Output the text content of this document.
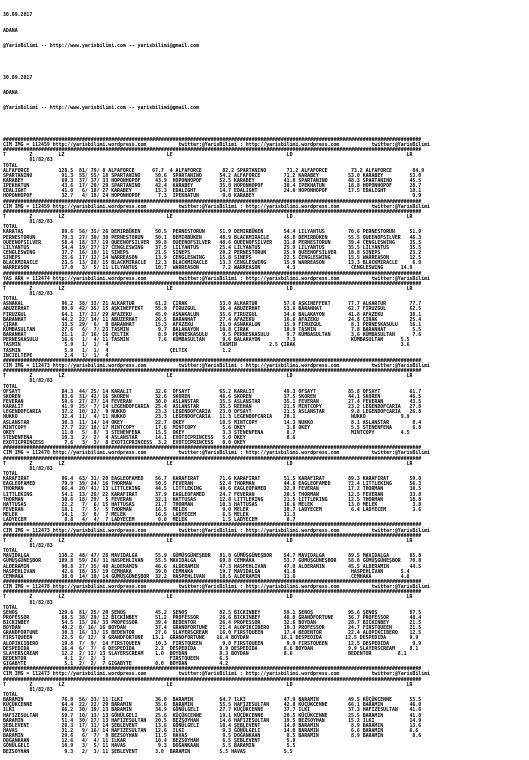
30.09.2017

ADANA

@YarisBilimi -- http://www.yarisbilimi.com -- yarisbilimi@gmail.com

30.09.2017

ADANA

@YarisBilimi -- http://www.yarisbilimi.com -- yarisbilimi@gmail.com

###############################################################################################################################################
CIM IMG = 112459 http://yarisbilimi.wordpress.com           twitter:@YarisBilimi : http://yarisbilimi.wordpress.com           twitter:@YarisBilimi
###############################################################################################################################################
T        Z         LZ                                   LE                                       LD                                       LR
81/82/83
TOTAL
ALFAFORCE          128.5  81/ 79/ 8 ALFAFORCE      67.7  4 ALFAFORCE       82.2 SPARTANINO       71.2 ALFAFORCE        73.2 ALFAFORCE       84.9
SPARTANINO          91.3  55/ 55/ 18 SPARTANINO     50.6  SPARTANINO      54.2 ALFAFORCE        71.2 KARABEY          53.0 KARABEY         53.0
KARABEY             69.3  37/ 37/ 33 HOPONHOPOF     43.9  HOPONHOPOF      52.5 KARABEY          41.8 SPARTANINO       48.3 SPARTANINO      45.5
IPEKHATUN           43.6  17/ 20/ 29 SPARTANINO     42.4  KARABEY         35.0 HOPONHOPOF       38.4 IPEKHATUN        18.8 HOPONHOPOF      28.7
EDALIGHT            41.0   6/ 18/ 27 KARABEY        15.3  EDALIGHT        14.7 EDALIGHT         24.0 HOPONHOPOF       17.5 EDALIGHT        10.1
HOPONHOPOF          32.7   4/ 18/ 24 HOPONHOPOF      7.3  IPEKHATUN        9.0 KARABEY                                                      9.9
###############################################################################################################################################
CIM IMG = 112459 http://yarisbilimi.wordpress.com           twitter:@YarisBilimi : http://yarisbilimi.wordpress.com           twitter:@YarisBilimi
###############################################################################################################################################
T        Z         LZ                                   LE                                       LD                                       LR
81/82/83
TOTAL
KARATAŞ             89.6  56/ 35/ 26 DEMIRBÜKEN     50.5  PERNESTORUN     51.9 DEMIRBÜKEN       54.4 LILYANTUS        70.6 PERNESTORUN     51.9
PERNESTORUN         79.3  27/ 30/ 30 PERNESTORUN    50.1  DEMIRBÜKEN      48.9 BLACKMIRACLE     45.8 DEMIRBÜKEN       55.5 QUEENOFSILVER   46.3
QUEENOFSILVER       58.4  18/ 37/ 19 QUEENOFSILVER  39.8  QUEENOFSILVER   40.6 QUEENOFSILVER    31.8 PERNESTORUN      39.4 CENGLESWING     35.5
LILYANTUS           54.4  19/ 27/ 17 CENGLESWING    37.5  LILYANTUS       25.4 LILYANTUS        25.9 LILYANTUS        35.5 LILYANTUS       35.5
CENGLESWING         37.7  16/ 10/ 11 SINEPS         21.5  SINEPS          20.2 PERNESTORUN      25.9 QUEENOFSILVER    18.8 SINEPS          23.2
SINEPS              25.6  17/ 12/ 14 WARREASON      13.9  CENGLESWING     15.8 SINEPS           22.5 CENGLESWING      15.5 WARREASON       12.5
BLACKMIRACLE        23.5  13/ 28/ 15 BLACKMIRACLE   12.3  BLACKMIRACLE    13.3 CENGLESWING      15.9 WARREASON        13.3 BLACKMIRACLE     6.9
WARREASON           17.0   3/  5/ 11 LILYANTUS      10.7  WARREASON        7.2 WARREASON         4.3                   CENGLESWING      14.9
###############################################################################################################################################
YAS ARA = 112474 http://yarisbilimi.wordpress.com           twitter:@YarisBilimi : http://yarisbilimi.wordpress.com           twitter:@YarisBilimi
###############################################################################################################################################
T        Z         LZ                                   LE                                       LD                                       LR
81/82/83
TOTAL
ASNAKAL             96.2  38/ 33/ 21 ALKARTUR       61.2  ÇIRAK           53.0 ALKARTUR         57.6 AŞKINEFFEKT      77.7 ALKARTUR        77.7
ABUZERHAT           80.0  42/ 35/ 15 AŞKINEFFEKT    55.9  FIRUZGUL        36.4 ABUZERHAT        53.6 BARANHAT         62.7 FIRUZGUL        62.5
FIRUZGUL            64.1  17/ 21/ 29 AFAZEKU        45.9  ASNAKALUN       35.6 FIRUZGUL         34.6 BALAKAYON        41.8 AFAZEKU         38.1
BARANHAT            44.2  22/ 14/ 11 ABUZERHAT      26.5  BARANHAT        27.4 AFAZEKU          16.6 AFAZEKU          24.8 ÇIRAK           25.4
ÇIRAK               33.5  29/  6/  8 BARANHAT       15.3  AFAZEKU         21.0 ASNAKALUN        15.9 FIRUZGUL          8.1 PERNESKASULU    16.1
KÜMBASULTAN         27.6   6/  7/ 23 TASMIN          9.7  BALAKAYON       10.8 ÇIRAK            10.9 TASMIN            7.8 BARANHAT         5.5
BARANHAT            21.1   2/ 16/ 16 ÇELTIK          8.9  PERNESKASULU     9.5 PERNESKASULU      9.7 KÜMBASULTAN       3.6 KÜMBASULTAN      7.6
PERNESKASULU        16.6   1/  4/ 11 TASMIN          7.6  KÜMBASULTAN      9.6 BALAKAYON         7.3                   KÜMBASULTAN      5.5
TASMIN               5.9   1/  1/  4                                      TASMIN           2.5 ÇIRAK                                    3.6
TASMIN               5.9   1/  1/  4                     ÇELTIK            1.2
INCIELTEPE           2.4   1/  1/  4
###############################################################################################################################################
CIM IMG = 112473 http://yarisbilimi.wordpress.com           twitter:@YarisBilimi : http://yarisbilimi.wordpress.com           twitter:@YarisBilimi
###############################################################################################################################################
T        Z         LZ                                   LE                                       LD                                       LR
81/82/83
TOTAL
OFSAYT              84.3  44/ 25/ 14 KARALIT        32.6  OFSAYT          65.2 KARALIT          49.3 OFSAYT           85.8 OFSAYT          61.7
SKOREN              83.6  31/ 42/ 16 SKOREN         32.6  SKOREN          46.6 SKOREN           37.5 SKOREN           44.1 SKOREN          46.5
FEVERAN             59.6  27/ 27/ 14 FEVERAN        30.0  ASLANSTAR       35.5 ASLANSTAR        35.1 FEVERAN          27.4 FEVERAN         43.5
KARALIT             41.9  25/  7/ 14 LEGENDOFCARIA  25.4  ASLANSTAR       35.5 REEHAN           21.5 MINTCOPY         23.2 LEGENDOFCARIA   27.8
LEGENDOFCARIA       37.2  10/ 12/  9 NUKKO          23.3  LEGENDOFCARIA   23.0 OFSAYT           21.5 ASLANSTAR         9.8 LEGENDOFCARIA   26.8
NUKKO               32.4  11/  4/ 11 NUKKO          23.3  LEGENDOFCARIA   11.3 LEGENDOFCARIA    20.1                   NUKKO            9.9
ASLANSTAR           30.3  11/ 14/ 14 OKEY           22.7  OKEY            10.5 MINTCOPY         14.3 NUKKO             8.1 ASLANSTAR        8.4
MINTCOPY            27.7  22/ 18/ 17 MINTCOPY       17.6  MINTCOPY         5.6 OKEY              3.8 OKEY              5.5 STENENFENA       6.8
OKEY                11.0   5/  8/  3 STENENFENA     15.5  OKEY             3.3 STENENFENA        8.7                   MINTCOPY         4.5
STENENFENA          10.3   2/  2/  4 ASLANSTAR      14.1  EXOTICPRINCESS   5.0 OKEY              8.6
EXOTICPRINCESS       7.6   3/  3/  8 EXOTICPRINCESS  3.2  EXOTICPRINCESS   0.0 OKEY
###############################################################################################################################################
CIM IMG = 112470 http://yarisbilimi.wordpress.com           twitter:@YarisBilimi : http://yarisbilimi.wordpress.com           twitter:@YarisBilimi
###############################################################################################################################################
T        Z         LZ                                   LE                                       LD                                       LR
81/82/83
TOTAL
KARAFIRAT           96.4  63/ 31/ 20 EAGLEOFAMED    56.7  KARAFIRAT       71.6 KARAFIRAT        51.5 KARAFIRAT        89.3 KARAFIRAT       59.0
EAGLEOFAMED         79.9  39/ 24/ 16 THORMAN        50.5  FEVERAN         52.4 THORMAN          44.6 EAGLEOFAMED      72.4 LITTLEKING      56.3
THORMAN             66.4  20/ 41/ 13 LITTLEKING     44.5  LITTLEKING      49.6 EAGLEOFAMED      32.9 FEVERAN          17.2 THORMAN         38.5
LITTLEKING          54.1  13/ 26/ 22 KARAFIRAT      37.9  EAGLEOFAMED     24.7 FEVERAN          20.5 THORMAN          12.5 FEVERAN         33.8
THORMAN             30.6  18/ 29/  5 FEVERAN        32.1  HATTUSAS        12.8 LITTLEKING       21.5 LITTLEKING       12.5 THORMAN         18.8
HATTUSAS            22.2   7/  6/ 15 HATTUSAS       21.7  THORMAN         10.3 HATTUSAS         16.6 MELEK            13.0 MELEK            3.8
FEVERAN             18.1   7/  5/  5 THORMAN        16.5  MELEK            9.0 MELEK            10.7 LADYECEM          6.4 LADYECEM         3.6
MELEK               14.1   3/  8/  7 MELEK          16.5  LADYECEM         6.5 MELEK            11.3
LADYECEM             8.8   4/  4/  7 LADYECEM        0.0  MELEK            1.5 LADYECEM          0.7
###############################################################################################################################################
CIM IMG = 112473 http://yarisbilimi.wordpress.com           twitter:@YarisBilimi : http://yarisbilimi.wordpress.com           twitter:@YarisBilimi
###############################################################################################################################################
T        Z         LZ                                   LE                                       LD                                       LR
81/82/83
TOTAL
MAVIDALGA          130.2  48/ 47/ 28 MAVIDALGA      55.9  GÜMÜŞGÜNEŞBOR   81.0 GÜMÜŞGÜNEŞBOR    54.7 MAVIDALGA        89.5 MAVIDALGA       85.8
GÜMÜŞGÜNEŞBOR      109.8  59/ 26/ 31 HASPEHLIVAN    55.5 MAVIDALGA        69.8 CEMHAKA          53.7 GÜMÜŞGÜNEŞBOR    58.8 GÜMÜŞGÜNEŞBOR   70.8
ALDERAMIN           90.8  27/ 35/ 48 ALDERAMIN      46.6  ALDERAMIN       47.3 HASPEHLIVAN      47.0 ALDERAMIN        45.5 ALDERAMIN       44.5
HASPEHLIVAN         42.6  18/ 15/ 19 CEMHAKA        39.0  CEMHAKA         19.7 MAVIDALGA        41.8                   HASPEHLIVAN      5.4
CEMHAKA             38.0  14/ 10/ 14 GÜMÜŞGÜNEŞBOR  32.2  HASPEHLIVAN     18.5 ALDERAMIN        11.6                   CEMHAKA          4.8
###############################################################################################################################################
CIM IMG = 112478 http://yarisbilimi.wordpress.com           twitter:@YarisBilimi : http://yarisbilimi.wordpress.com           twitter:@YarisBilimi
###############################################################################################################################################
T        Z         LZ                                   LE                                       LD                                       LR
81/82/83
TOTAL
ŞENOŞ              129.6  81/ 25/ 20 ŞENOŞ          45.2  ŞENOŞ           82.5 BICKINBEY        59.1 ŞENOŞ            95.6 ŞENOŞ           87.5
PROFESSOR           68.5  38/ 29/ 12 BICKINBEY      51.2  PROFESSOR       26.6 BICKINBEY        48.0 GRANDFORTUNE     36.7 PROFESSOR       48.4
BICKINBEY           54.5  15/ 26/ 33 PROFESSOR      39.4  BEDENTOR        26.4 PROFESSOR        32.6 BOYDAN           28.7 BICKINBEY       21.5
BOYDAN              40.2  8/ 16/ 16 BOYDAN          37.4  GRANDFORTUNE    21.4 ALOPIKCIBERO     19.3 PROFESSOR        24.7 FIRSTQUEEN      21.5
GRANDFORTUNE        30.3  16/ 13/ 15 BEDENTOR       27.6  SLAYERSCREAM    16.0 FIRSTQUEEN       17.4 BEDENTOR         22.4 ALOPIKCIBERO    12.5
FIRSTQUEEN          22.5  6/ 12/  9 GRANDFORTUNE   13.1  GRANDFORTUNE    16.4 BOYDAN           16.1 DESPEDIDA        12.5 DESPEDIDA        9.9
ALOPIKCIBERO        19.8  7/  9/  14 FIRSTQUEEN     10.3  FIRSTQUEEN       9.0 FIRSTQUEEN        9.9 FIRSTQUEEN       12.5 DESPEDIDA        9.9
DESPEDIDA           16.4  6/  7/  6 DESPEDIDA       2.2  DESPEDIDA        9.9 DESPEDIDA         8.6 BOYDAN            9.9 SLAYERSCREAM     8.1
SLAYERSCREAM        12.2  2/ 12/ 13 SLAYERSCREAM    1.0  BOYDAN           8.3 BOYDAN            8.6                   BEDENTOR         8.1
BEDENTOR             4.1  2/  2/  3                      FIRSTQUEEN       6.3
GIGABYTE             5.1  2/  2/  7 GIGABYTE        0.0  BOYDAN           4.2
###############################################################################################################################################
CIM IMG = 112473 http://yarisbilimi.wordpress.com           twitter:@YarisBilimi : http://yarisbilimi.wordpress.com           twitter:@YarisBilimi
###############################################################################################################################################
T        Z         LZ                                   LE                                       LD                                       LR
81/82/83
TOTAL
BARAMIN             76.0  56/ 33/ 11 ILKI           36.0  BARAMIN         64.7 ILKI             47.9 BARAMIN          49.5 KÜÇÜKCENNE      55.5
KÜÇÜKCENNE          64.4  22/ 22/ 29 BARAMIN        35.6  BARAMIN         55.5 HAFIZESULTAN     42.8 KÜÇÜKCENNE       66.1 BARAMIN         46.0
ILKI                66.2  30/ 10/ 13 BARAMIN        34.9  GÖNÜLGELI       27.7 KÜÇÜKCENNE       37.7 ILKI             37.3 HAFIZESULTAN    41.0
HAFIZESULTAN        59.7  10/ 13/ 13 GÖNÜLGELI      25.6  KÜÇÜKCENNE      19.1 KÜÇÜKCENNE       20.5 KÜÇÜKCENNE       25.5 BARAMIN         41.0
BARAMIN             51.4  30/ 27/ 13 HAFIZESULTAN   20.5  BEZSOYHAN       14.6 HAFIZESULTAN     19.5 BEZSOYHAN        15.2 ILKI            14.9
ŞEBLEVENT           28.3  17/ 11/ 14 ŞEBLEVENT      13.6  GÖNÜLGELI       10.4 ŞEBLEVENT        14.0 BARAMIN           8.9 BARAMIN         13.6
HAVAS               31.2   9/ 16/ 14 HAFIZESULTAN   12.6  ILKI             9.3 GÖNÜLGELI        14.0 BARAMIN           6.6 BARAMIN         6.6
BARAMIN             29.6   6/  7/  8 BEZSOYHAN      11.5  HAVAS            9.5 DOĞANKAAN         8.5 BARAMIN           8.9 BARAMIN          8.6
DOĞANKAAN           12.6   4/  4/ 11 ILKAR          10.4  BEZSOYHAN        6.5 ŞEBLEVENT         5.8
GÖNÜLGELI           10.9   3/  5/ 11 HAVAS           9.3  DOĞANKAAN        5.5 BARAMIN           5.5
BEZSOYHAN            9.3   2/  3/ 11 ŞEBLEVENT      3.0  BARAMIN          5.5 HAVAS             5.5
